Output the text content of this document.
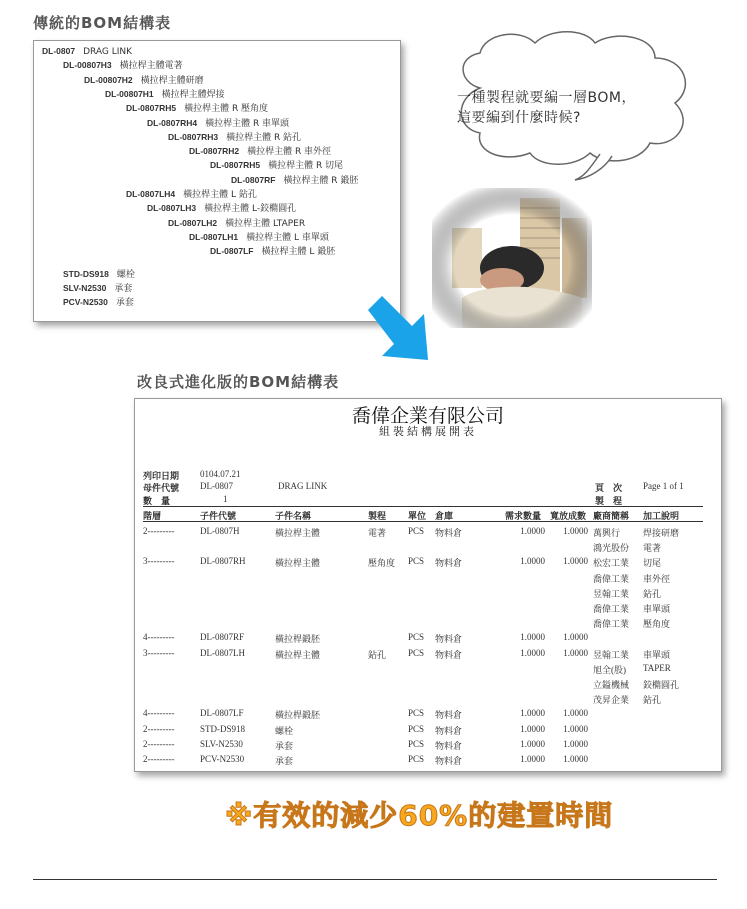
傳統的BOM結構表
DL-0807 DRAG LINK
DL-00807H3 橫拉桿主體電著
DL-00807H2 橫拉桿主體研磨
DL-00807H1 橫拉桿主體焊接
DL-0807RH5 橫拉桿主體 R 壓角度
DL-0807RH4 橫拉桿主體 R 車單頭
DL-0807RH3 橫拉桿主體 R 鉆孔
DL-0807RH2 橫拉桿主體 R 車外徑
DL-0807RH5 橫拉桿主體 R 切尾
DL-0807RF 橫拉桿主體 R 鍛胚
DL-0807LH4 橫拉桿主體 L 鉆孔
DL-0807LH3 橫拉桿主體 L-鉸橢圓孔
DL-0807LH2 橫拉桿主體 LTAPER
DL-0807LH1 橫拉桿主體 L 車單頭
DL-0807LF 橫拉桿主體 L 鍛胚
STD-DS918 螺栓
SLV-N2530 承套
PCV-N2530 承套
一種製程就要編一層BOM，
這要編到什麼時候?
改良式進化版的BOM結構表
喬偉企業有限公司
組裝結構展開表
列印日期 0104.07.21
母件代號 DL-0807	DRAG LINK
數　量	1
頁　次 Page 1 of 1
製　程
階層	子件代號	子件名稱	製程 單位 倉庫	需求數量 寬放成數 廠商簡稱 加工說明
2---------	DL-0807H	橫拉桿主體	電著 PCS 物料倉	1.0000	1.0000 萬興行	焊接研磨
鴻光股份 電著
3---------	DL-0807RH	橫拉桿主體	壓角度 PCS 物料倉	1.0000	1.0000 松宏工業 切尾
喬偉工業 車外徑
昱翰工業 鉆孔
喬偉工業 車單頭
喬偉工業 壓角度
4---------	DL-0807RF	橫拉桿鍛胚	PCS 物料倉	1.0000	1.0000
3---------	DL-0807LH	橫拉桿主體	鉆孔 PCS 物料倉	1.0000	1.0000 昱翰工業 車單頭
旭全(股) TAPER
立鎰機械 鉸橢圓孔
茂昇企業 鉆孔
4---------	DL-0807LF	橫拉桿鍛胚	PCS 物料倉	1.0000	1.0000
2---------	STD-DS918	螺栓	PCS 物料倉	1.0000	1.0000
2---------	SLV-N2530	承套	PCS 物料倉	1.0000	1.0000
2---------	PCV-N2530	承套	PCS 物料倉	1.0000	1.0000
※有效的減少60%的建置時間
